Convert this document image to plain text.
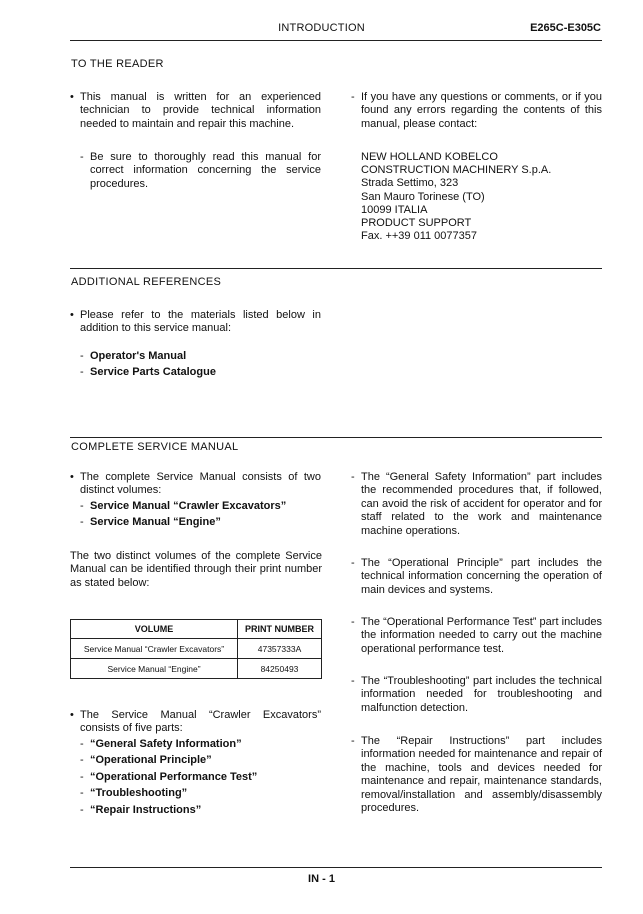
INTRODUCTION	E265C-E305C
TO THE READER
• This manual is written for an experienced technician to provide technical information needed to maintain and repair this machine.
- Be sure to thoroughly read this manual for correct information concerning the service procedures.
- If you have any questions or comments, or if you found any errors regarding the contents of this manual, please contact:
NEW HOLLAND KOBELCO
CONSTRUCTION MACHINERY S.p.A.
Strada Settimo, 323
San Mauro Torinese (TO)
10099 ITALIA
PRODUCT SUPPORT
Fax. ++39 011 0077357
ADDITIONAL REFERENCES
• Please refer to the materials listed below in addition to this service manual:
- Operator's Manual
- Service Parts Catalogue
COMPLETE SERVICE MANUAL
• The complete Service Manual consists of two distinct volumes:
- Service Manual “Crawler Excavators”
- Service Manual “Engine”
The two distinct volumes of the complete Service Manual can be identified through their print number as stated below:
VOLUME	PRINT NUMBER
Service Manual “Crawler Excavators”	47357333A
Service Manual “Engine”	84250493
• The Service Manual “Crawler Excavators” consists of five parts:
- “General Safety Information”
- “Operational Principle”
- “Operational Performance Test”
- “Troubleshooting”
- “Repair Instructions”
- The “General Safety Information” part includes the recommended procedures that, if followed, can avoid the risk of accident for operator and for staff related to the work and maintenance machine operations.
- The “Operational Principle” part includes the technical information concerning the operation of main devices and systems.
- The “Operational Performance Test” part includes the information needed to carry out the machine operational performance test.
- The “Troubleshooting” part includes the technical information needed for troubleshooting and malfunction detection.
- The “Repair Instructions” part includes information needed for maintenance and repair of the machine, tools and devices needed for maintenance and repair, maintenance standards, removal/installation and assembly/disassembly procedures.
IN - 1
